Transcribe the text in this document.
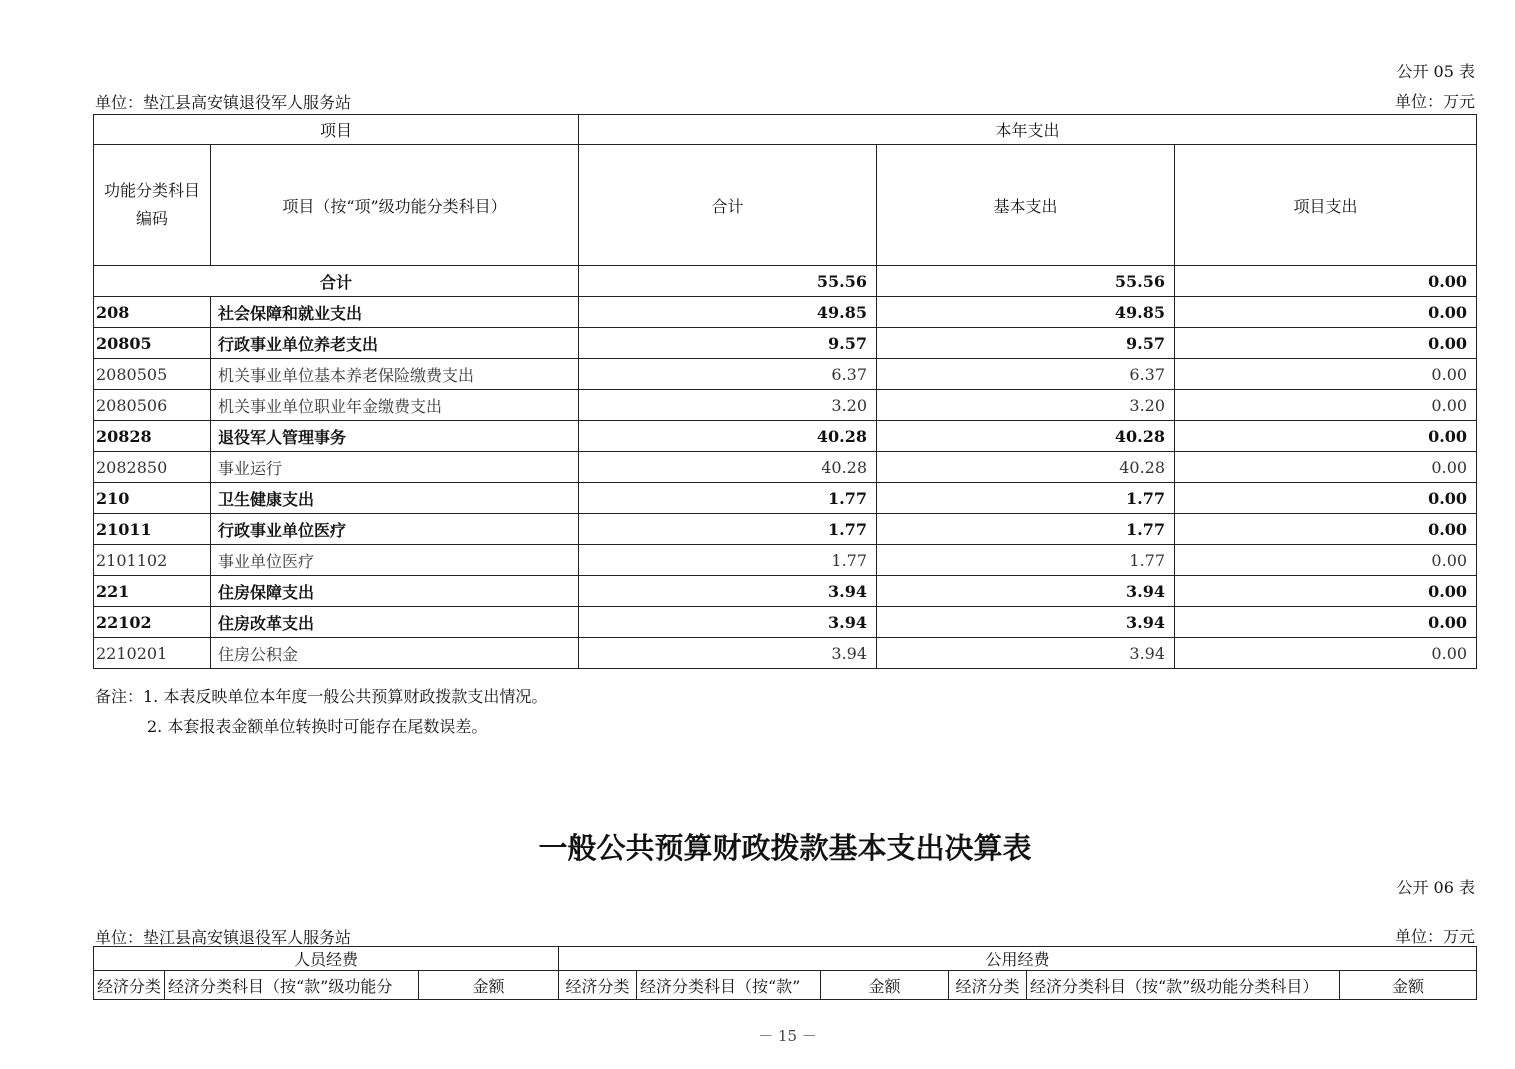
公开 05 表
单位：垫江县高安镇退役军人服务站	单位：万元
项目		本年支出		
功能分类科目编码	项目（按“项”级功能分类科目）	合计	基本支出	项目支出
合计		55.56	55.56	0.00
208	社会保障和就业支出	49.85	49.85	0.00
20805	行政事业单位养老支出	9.57	9.57	0.00
2080505	机关事业单位基本养老保险缴费支出	6.37	6.37	0.00
2080506	机关事业单位职业年金缴费支出	3.20	3.20	0.00
20828	退役军人管理事务	40.28	40.28	0.00
2082850	事业运行	40.28	40.28	0.00
210	卫生健康支出	1.77	1.77	0.00
21011	行政事业单位医疗	1.77	1.77	0.00
2101102	事业单位医疗	1.77	1.77	0.00
221	住房保障支出	3.94	3.94	0.00
22102	住房改革支出	3.94	3.94	0.00
2210201	住房公积金	3.94	3.94	0.00
备注：1. 本表反映单位本年度一般公共预算财政拨款支出情况。
2. 本套报表金额单位转换时可能存在尾数误差。
一般公共预算财政拨款基本支出决算表
公开 06 表
单位：垫江县高安镇退役军人服务站	单位：万元
人员经费			公用经费					
经济分类	经济分类科目（按“款”级功能分	金额	经济分类	经济分类科目（按“款”	金额	经济分类	经济分类科目（按“款”级功能分类科目）	金额
－ 15 －
